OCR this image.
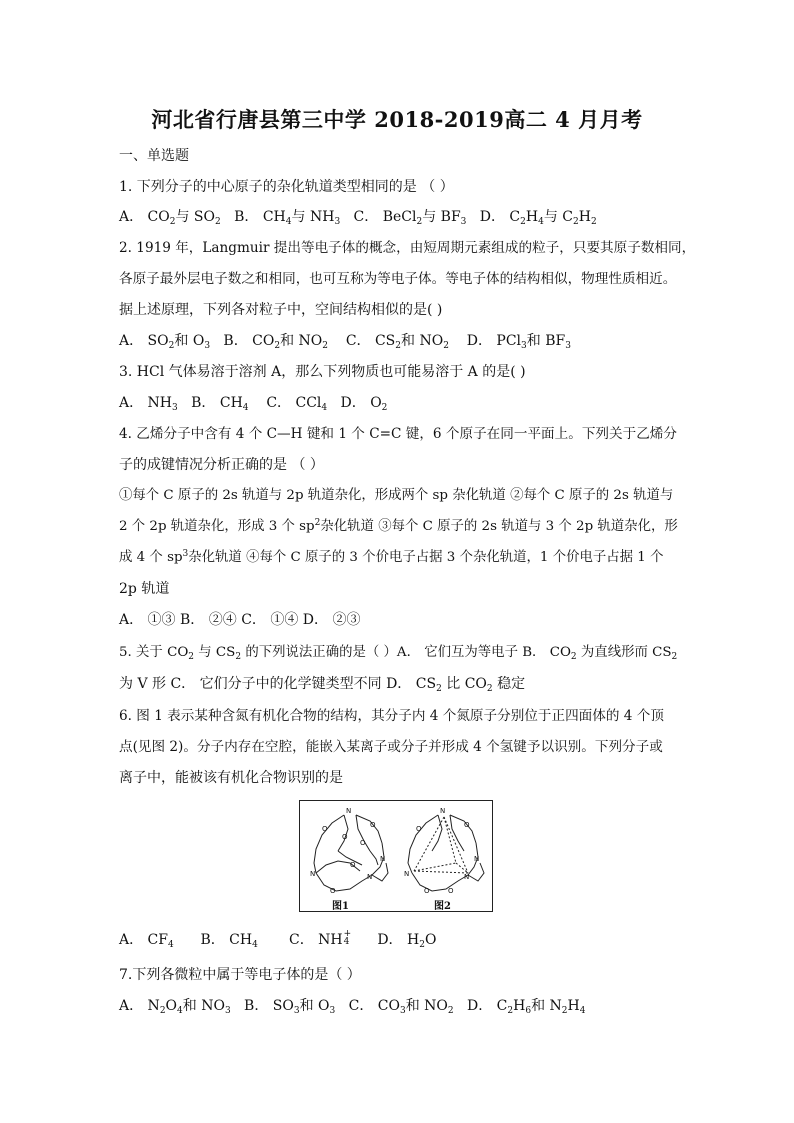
河北省行唐县第三中学 2018-2019高二 4 月月考
一、单选题
1. 下列分子的中心原子的杂化轨道类型相同的是 （ ）
A． $CO_2$与 $SO_2$ B． $CH_4$与 $NH_3$ C． BeCl$_2$与 $BF_3$ D． $C_2H_4$与 $C_2H_2$
2. 1919 年，Langmuir 提出等电子体的概念，由短周期元素组成的粒子，只要其原子数相同，
各原子最外层电子数之和相同，也可互称为等电子体。等电子体的结构相似，物理性质相近。
据上述原理，下列各对粒子中，空间结构相似的是( )
A． $SO_2$和 $O_3$ B． $CO_2$和 $NO_2$ C． $CS_2$和 $NO_2$ D． PCl$_3$和 $BF_3$
3. HCl 气体易溶于溶剂 A，那么下列物质也可能易溶于 A 的是( )
A． $NH_3$ B． $CH_4$ C． CCl$_4$ D． $O_2$
4. 乙烯分子中含有 4 个 C—H 键和 1 个 C=C 键，6 个原子在同一平面上。下列关于乙烯分
子的成键情况分析正确的是 （ ）
①每个 C 原子的 2s 轨道与 2p 轨道杂化，形成两个 sp 杂化轨道 ②每个 C 原子的 2s 轨道与
2 个 2p 轨道杂化，形成 3 个 $sp^2$杂化轨道 ③每个 C 原子的 2s 轨道与 3 个 2p 轨道杂化，形
成 4 个 $sp^3$杂化轨道 ④每个 C 原子的 3 个价电子占据 3 个杂化轨道，1 个价电子占据 1 个
2p 轨道
A． ①③ B． ②④ C． ①④ D． ②③
5. 关于 $CO_2$ 与 $CS_2$ 的下列说法正确的是（ ）A． 它们互为等电子 B． $CO_2$ 为直线形而 $CS_2$
为 V 形 C． 它们分子中的化学键类型不同 D． $CS_2$ 比 $CO_2$ 稳定
6. 图 1 表示某种含氮有机化合物的结构，其分子内 4 个氮原子分别位于正四面体的 4 个顶
点(见图 2)。分子内存在空腔，能嵌入某离子或分子并形成 4 个氢键予以识别。下列分子或
离子中，能被该有机化合物识别的是
N
N	N
N
O	O
O
O
O
O
N
N	N
N
O	O
O	O
图1	图2
A． $CF_4$ B． $CH_4$ C． NH +
4 D． $H_2O$
7.下列各微粒中属于等电子体的是（ ）
A． $N_2O_4$和 $NO_3$ B． $SO_3$和 $O_3$ C． $CO_3$和 $NO_2$ D． $C_2H_6$和 $N_2H_4$
